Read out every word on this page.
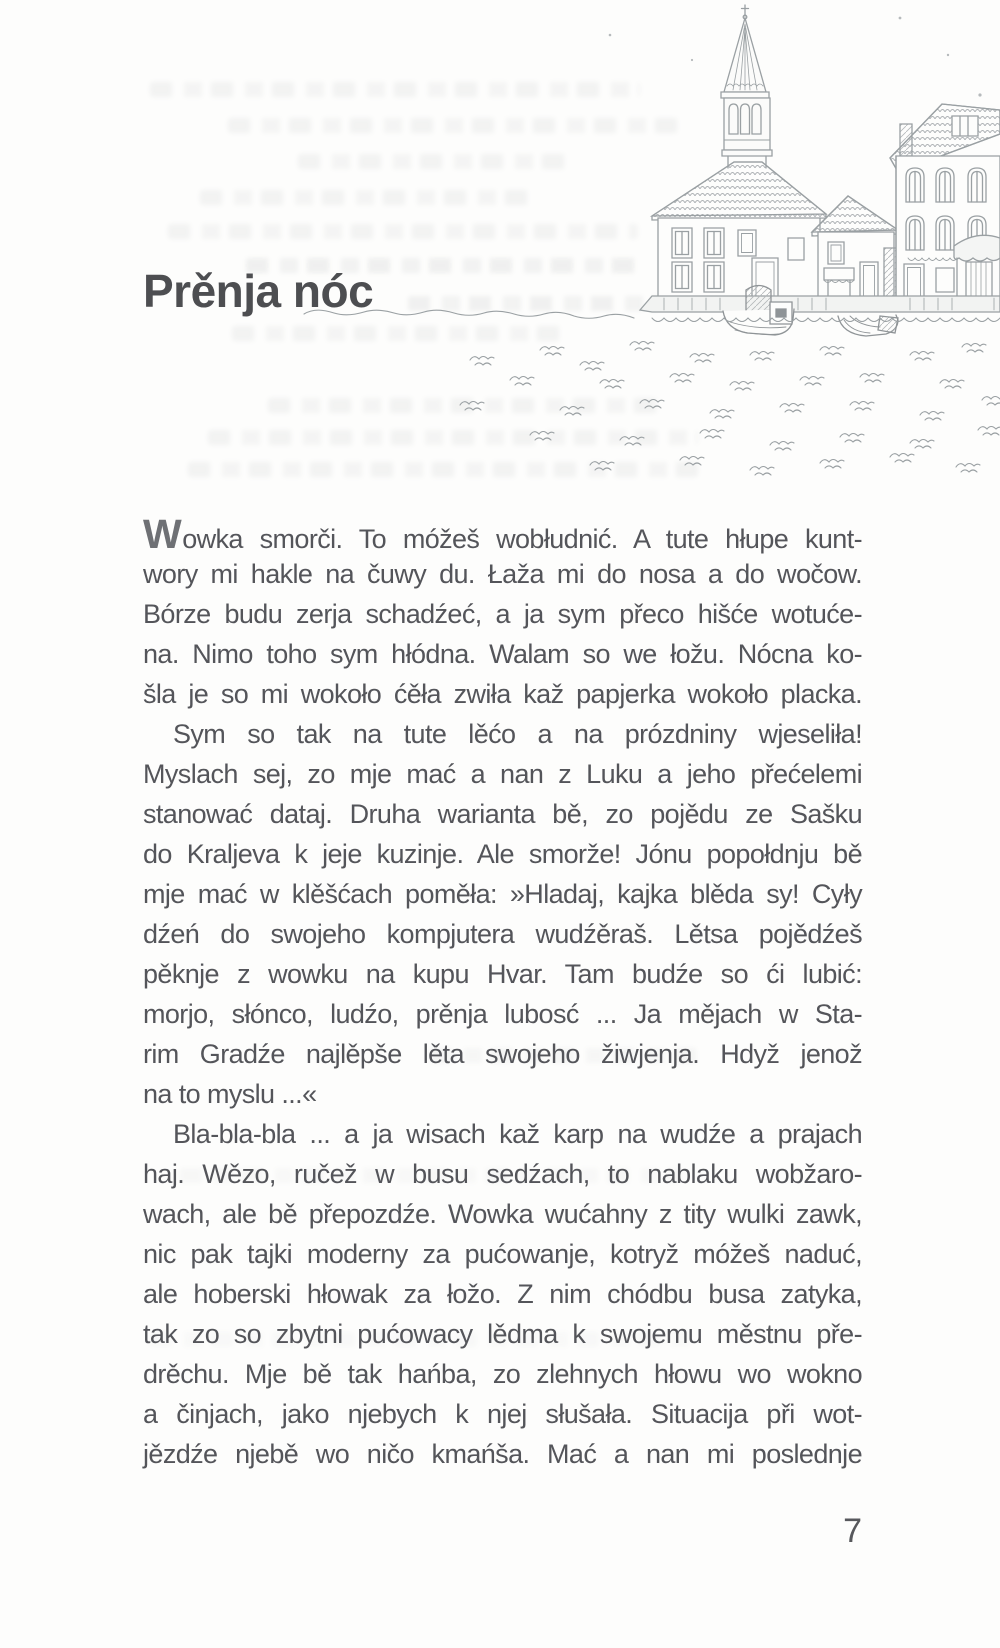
Prěnja nóc
Wowka smorči. To móžeš wobłudnić. A tute hłupe kunt-
wory mi hakle na čuwy du. Łaža mi do nosa a do wočow.
Bórze budu zerja schadźeć, a ja sym přeco hišće wotuće-
na. Nimo toho sym hłódna. Walam so we łožu. Nócna ko-
šla je so mi wokoło ćěła zwiła kaž papjerka wokoło placka.
Sym so tak na tute lěćo a na prózdniny wjeseliła!
Myslach sej, zo mje mać a nan z Luku a jeho přećelemi
stanować dataj. Druha warianta bě, zo pojědu ze Sašku
do Kraljeva k jeje kuzinje. Ale smorže! Jónu popołdnju bě
mje mać w klěšćach poměła: »Hladaj, kajka blěda sy! Cyły
dźeń do swojeho kompjutera wudźěraš. Lětsa pojědźeš
pěknje z wowku na kupu Hvar. Tam budźe so ći lubić:
morjo, słónco, ludźo, prěnja lubosć ... Ja mějach w Sta-
rim Gradźe najlěpše lěta swojeho žiwjenja. Hdyž jenož
na to myslu ...«
Bla-bla-bla ... a ja wisach kaž karp na wudźe a prajach
haj. Wězo, ručež w busu sedźach, to nablaku wobžaro-
wach, ale bě přepozdźe. Wowka wućahny z tity wulki zawk,
nic pak tajki moderny za pućowanje, kotryž móžeš naduć,
ale hoberski hłowak za łožo. Z nim chódbu busa zatyka,
tak zo so zbytni pućowacy lědma k swojemu městnu pře-
drěchu. Mje bě tak hańba, zo zlehnych hłowu wo wokno
a činjach, jako njebych k njej słušała. Situacija při wot-
jězdźe njebě wo ničo kmańša. Mać a nan mi poslednje
7
